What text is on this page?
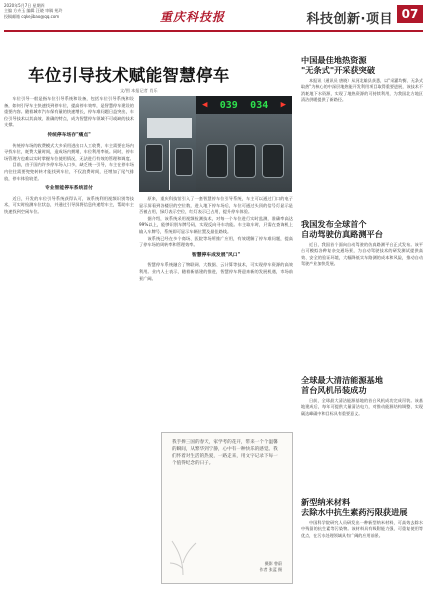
2020年5月7日 星期四
主编 方卉玉 编辑 汪晓 审稿 苑玲
投稿邮箱 cqkejibao@qq.com	重庆科技报	科技创新·项目 07
车位引导技术赋能智慧停车
文/图 本报记者 肖乐
◀ 039 034 ▶

车位引导一般是指车位引导系统和设备，包括车位引导系统和设备，如何引导车主快速找到停车位，提高停车效率，是智慧停车建设的重要内容。随着城市汽车保有量的快速增长，停车难问题日益突出，车位引导技术以其高效、准确的特点，成为智慧停车领域不可或缺的技术支撑。

传统停车场存"痛点"

传统停车场的收费模式大多采用进出口人工收费，车主需要在场内寻找车位，耗费大量时间，造成场内拥堵，车位利用率低。同时，停车场管理方也难以实时掌握车位使用情况，无法进行有效的管理和调度。

目前，由于国内许多停车场入口多，缺乏统一引导，车主在停车场内往往需要兜兜转转才能找到车位，不仅浪费时间，还增加了尾气排放，停车体验较差。

专业智能停车系统首付

近日，开发的车位引导系统获得认可，该系统利用视频识别等技术，可实时检测车位状态，并通过引导屏将信息传递给车主，帮助车主快速找到空闲车位。

原来，重庆科技馆引入了一套智慧停车位引导系统，车主可以通过门口的电子显示屏看到各楼层的空位数，进入地下停车场后，车位可通过头顶的信号灯显示是否被占用，绿灯表示空位，红灯表示已占用，提升停车体验。

据介绍，该系统采用视频检测技术，对每一个车位进行实时监测，准确率高达99%以上，能够识别车牌号码，实现反向寻车功能。车主取车时，只需在查询机上输入车牌号，系统即可显示车辆位置及最佳路线。

该系统已经在多个商场、医院等场所推广应用，有效缓解了停车难问题，提高了停车场的周转率和管理效率。

智慧停车成发展"风口"

智慧停车系统融合了物联网、大数据、云计算等技术，可实现停车资源的高效利用。业内人士表示，随着新基建的推进，智慧停车将迎来新的发展机遇，市场前景广阔。

我手捧三国的春天，家学考的花开，带来一个个温馨的瞬间，从繁华到宁静，心中有一种快乐的感觉。我们怀着对生活的热爱，一路走来，用文字记录下每一个值得纪念的日子。
摄影 曾蔚
作者 张蓝 摄
中国最佳地热资源
"无条式"开采获突破

本报讯（通讯员 唐晓）从河北雄县获悉，以"采灌均衡、无条式取热"为核心的中深层地热能开发利用项目取得重要进展，该技术不消耗地下水资源，实现了地热资源的可持续利用，为我国北方地区清洁供暖提供了新路径。

我国发布全球首个
自动驾驶仿真路测平台

近日，我国首个面向自动驾驶的仿真路测平台正式发布。该平台可模拟各种复杂交通场景，为自动驾驶技术的研发测试提供高效、安全的验证环境，大幅降低实车路测的成本和风险，推动自动驾驶产业加快发展。

全球最大清洁能源基地
首台风机吊装成功

日前，全球最大清洁能源基地的首台风机成功完成吊装。该基地建成后，每年可提供大量清洁电力，对推动能源结构调整、实现碳达峰碳中和目标具有重要意义。

新型纳米材料
去除水中抗生素药污限获进展

中国科学院研究人员研发出一种新型纳米材料，可高效去除水中残留的抗生素等污染物。该材料具有吸附能力强、可重复使用等优点，在污水处理领域具有广阔的应用前景。
